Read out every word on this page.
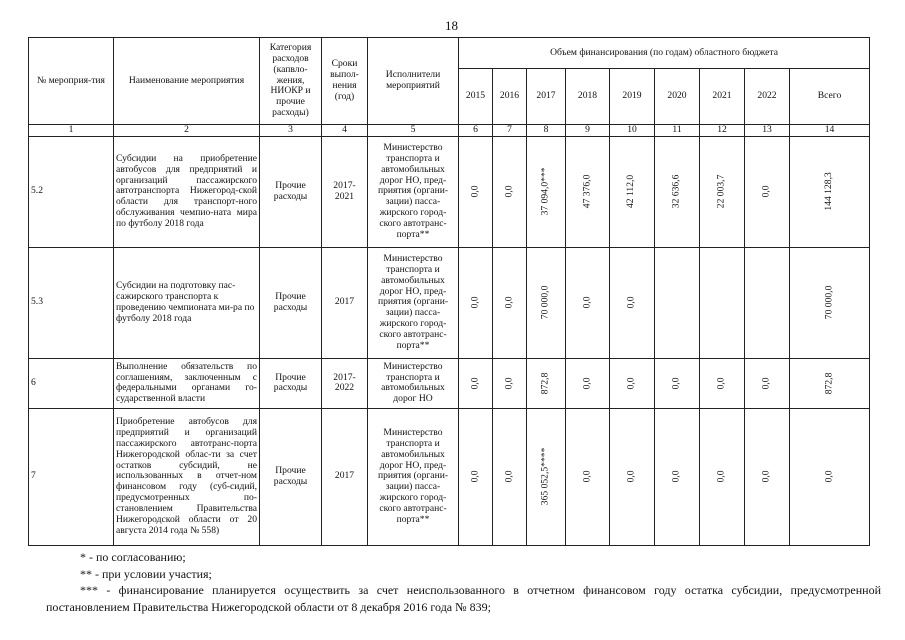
18
№ мероприя-тия	Наименование мероприятия	Категория расходов (капвло-жения, НИОКР и прочие расходы)	Сроки выпол-нения (год)	Исполнители мероприятий	Объем финансирования (по годам) областного бюджета								
					2015	2016	2017	2018	2019	2020	2021	2022	Всего
1	2	3	4	5	6	7	8	9	10	11	12	13	14
5.2	Субсидии на приобретение автобусов для предприятий и организаций пассажирского автотранспорта Нижегород-ской области для транспорт-ного обслуживания чемпио-ната мира по футболу 2018 года	Прочие расходы	2017-2021	Министерство транспорта и автомобильных дорог НО, пред-приятия (органи-зации) пасса-жирского город-ского автотранс-порта**	0,0	0,0	37 094,0***	47 376,0	42 112,0	32 636,6	22 003,7	0,0	144 128,3

5.3	Субсидии на подготовку пас-сажирского транспорта к проведению чемпионата ми-ра по футболу 2018 года	Прочие расходы	2017	Министерство транспорта и автомобильных дорог НО, пред-приятия (органи-зации) пасса-жирского город-ского автотранс-порта**	0,0	0,0	70 000,0	0,0	0,0				70 000,0

6	Выполнение обязательств по соглашениям, заключенным с федеральными органами го-сударственной власти	Прочие расходы	2017-2022	Министерство транспорта и автомобильных дорог НО	0,0	0,0	872,8	0,0	0,0	0,0	0,0	0,0	872,8

7	Приобретение автобусов для предприятий и организаций пассажирского автотранс-порта Нижегородской облас-ти за счет остатков субсидий, не использованных в отчет-ном финансовом году (суб-сидий, предусмотренных по-становлением Правительства Нижегородской области от 20 августа 2014 года № 558)	Прочие расходы	2017	Министерство транспорта и автомобильных дорог НО, пред-приятия (органи-зации) пасса-жирского город-ского автотранс-порта**	0,0	0,0	365 052,5****	0,0	0,0	0,0	0,0	0,0	0,0
* - по согласованию;
** - при условии участия;
*** - финансирование планируется осуществить за счет неиспользованного в отчетном финансовом году остатка субсидии, предусмотренной постановлением Правительства Нижегородской области от 8 декабря 2016 года № 839;
